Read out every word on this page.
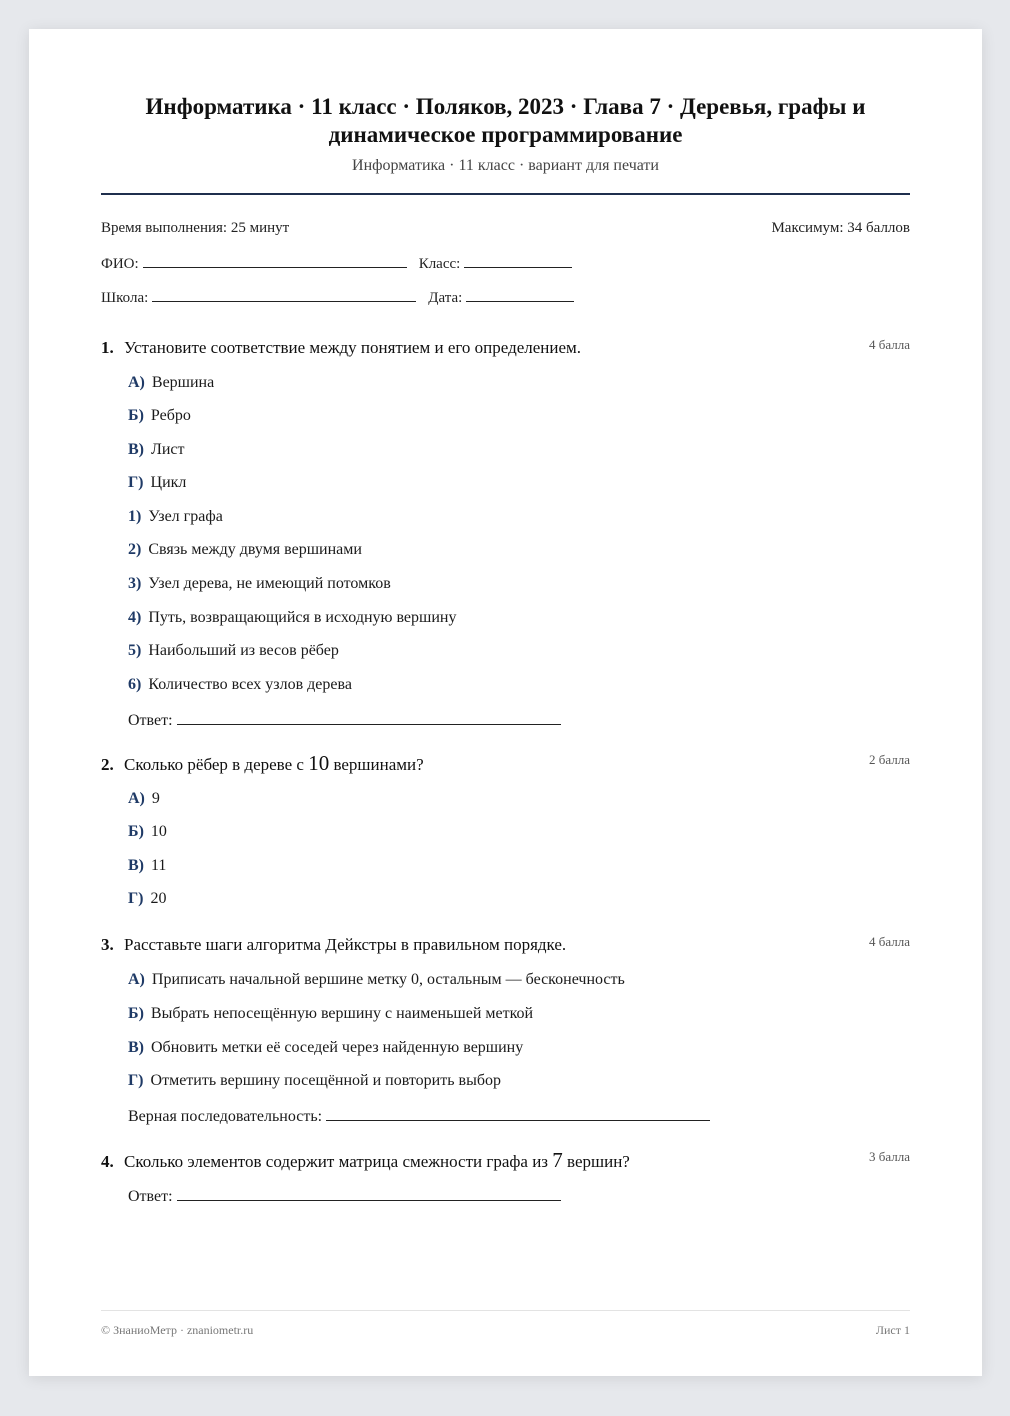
Информатика · 11 класс · Поляков, 2023 · Глава 7 · Деревья, графы и
динамическое программирование
Информатика · 11 класс · вариант для печати
Время выполнения: 25 минут	Максимум: 34 баллов
ФИО:	Класс:
Школа:	Дата:
1. Установите соответствие между понятием и его определением.	4 балла
А) Вершина
Б) Ребро
В) Лист
Г) Цикл
1) Узел графа
2) Связь между двумя вершинами
3) Узел дерева, не имеющий потомков
4) Путь, возвращающийся в исходную вершину
5) Наибольший из весов рёбер
6) Количество всех узлов дерева
Ответ:
2. Сколько рёбер в дереве с 10 вершинами?	2 балла
А) 9
Б) 10
В) 11
Г) 20
3. Расставьте шаги алгоритма Дейкстры в правильном порядке.	4 балла
А) Приписать начальной вершине метку 0, остальным — бесконечность
Б) Выбрать непосещённую вершину с наименьшей меткой
В) Обновить метки её соседей через найденную вершину
Г) Отметить вершину посещённой и повторить выбор
Верная последовательность:
4. Сколько элементов содержит матрица смежности графа из 7 вершин?	3 балла
Ответ:
© ЗнаниоМетр · znaniometr.ru	Лист 1
